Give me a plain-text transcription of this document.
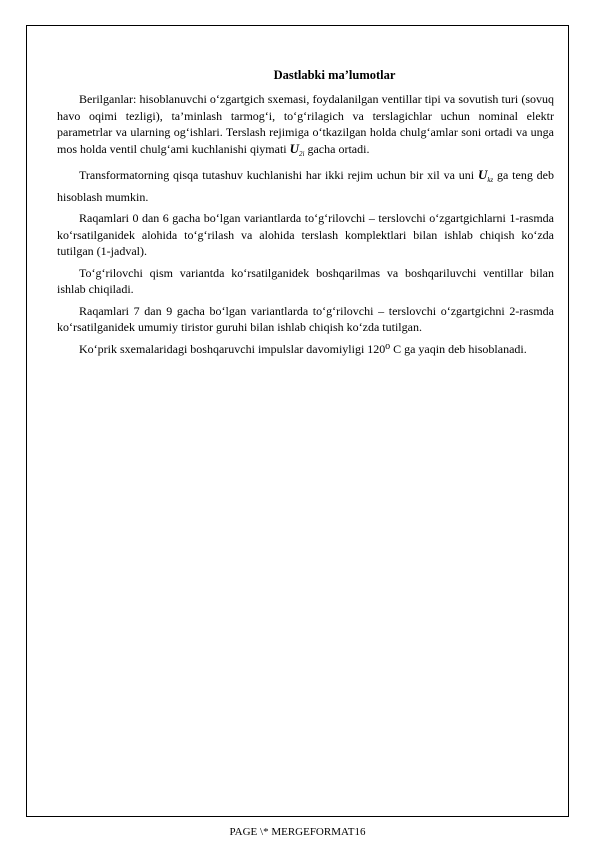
Dastlabki ma’lumotlar

Berilganlar: hisoblanuvchi o‘zgartgich sxemasi, foydalanilgan ventillar tipi va sovutish turi (sovuq havo oqimi tezligi), ta’minlash tarmog‘i, to‘g‘rilagich va terslagichlar uchun nominal elektr parametrlar va ularning og‘ishlari. Terslash rejimiga o‘tkazilgan holda chulg‘amlar soni ortadi va unga mos holda ventil chulg‘ami kuchlanishi qiymati $U_{2i}$ gacha ortadi.

Transformatorning qisqa tutashuv kuchlanishi har ikki rejim uchun bir xil va uni $U_{kz}$ ga teng deb hisoblash mumkin.

Raqamlari 0 dan 6 gacha bo‘lgan variantlarda to‘g‘rilovchi – terslovchi o‘zgartgichlarni 1-rasmda ko‘rsatilganidek alohida to‘g‘rilash va alohida terslash komplektlari bilan ishlab chiqish ko‘zda tutilgan (1-jadval).

To‘g‘rilovchi qism variantda ko‘rsatilganidek boshqarilmas va boshqariluvchi ventillar bilan ishlab chiqiladi.

Raqamlari 7 dan 9 gacha bo‘lgan variantlarda to‘g‘rilovchi – terslovchi o‘zgartgichni 2-rasmda ko‘rsatilganidek umumiy tiristor guruhi bilan ishlab chiqish ko‘zda tutilgan.

Ko‘prik sxemalaridagi boshqaruvchi impulslar davomiyligi 120⁰ C ga yaqin deb hisoblanadi.

PAGE \* MERGEFORMAT16
